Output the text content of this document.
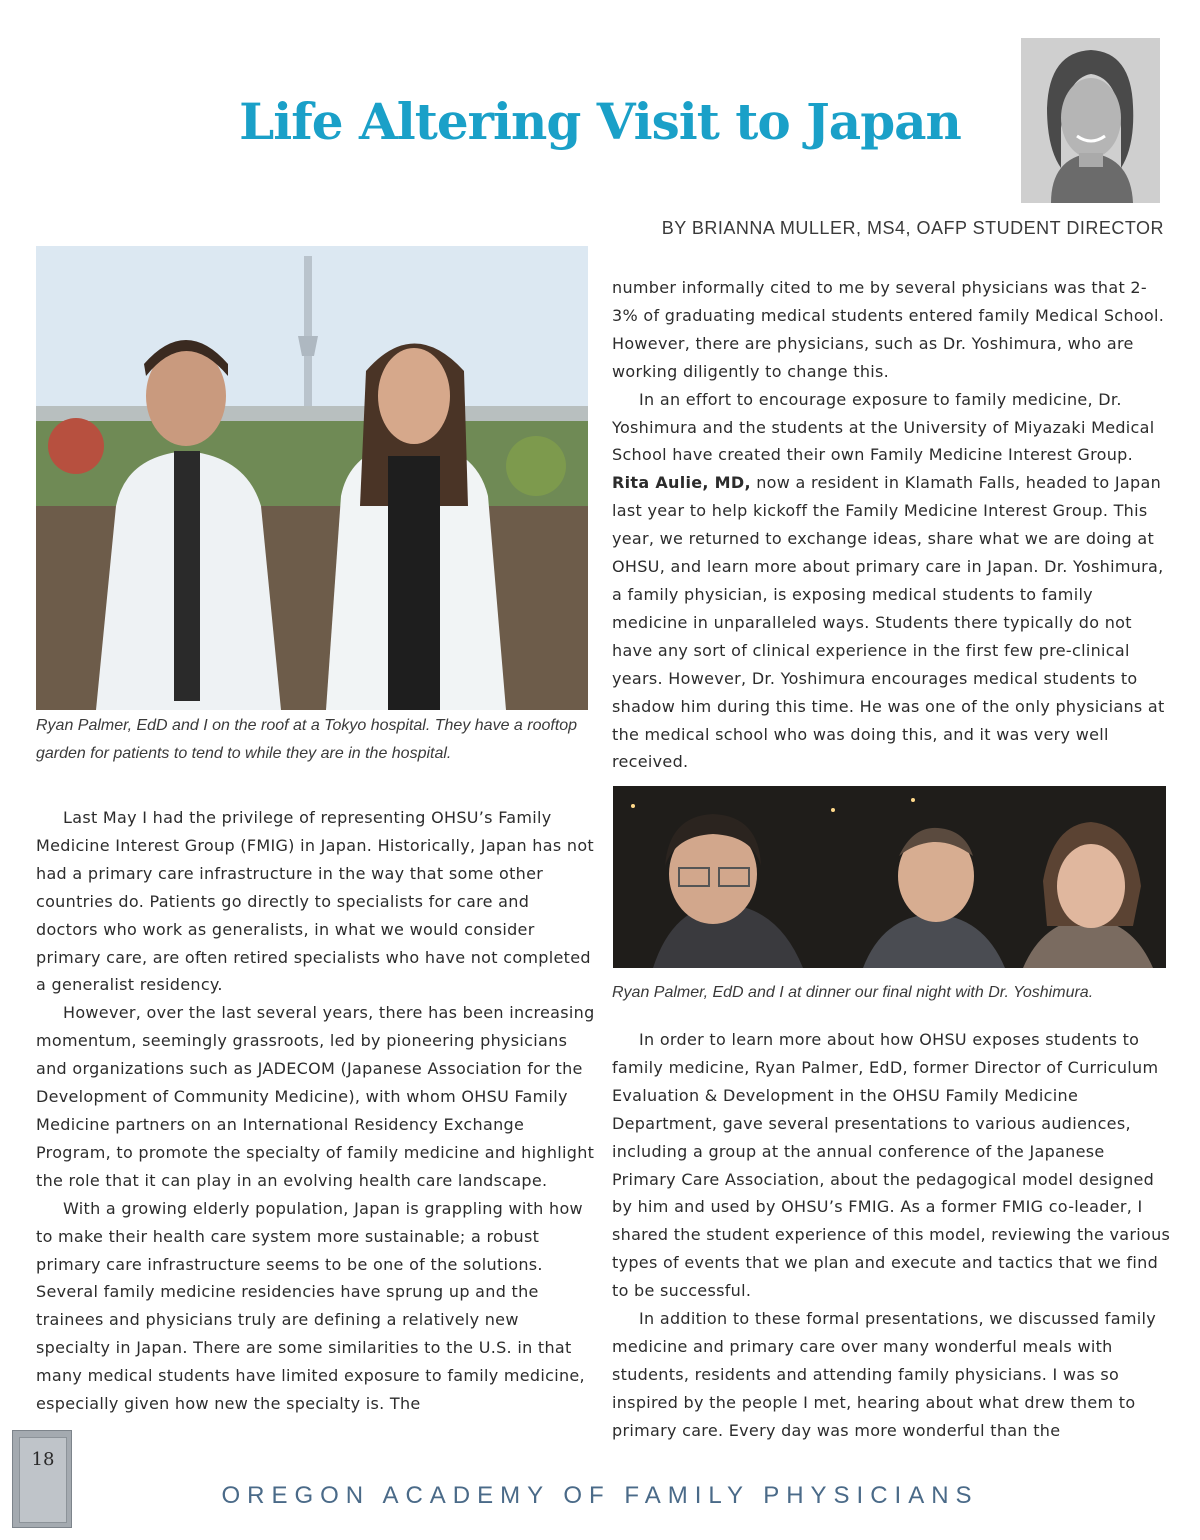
Life Altering Visit to Japan
BY BRIANNA MULLER, MS4, OAFP STUDENT DIRECTOR

Ryan Palmer, EdD and I on the roof at a Tokyo hospital. They have a rooftop garden for patients to tend to while they are in the hospital.

Last May I had the privilege of representing OHSU’s Family Medicine Interest Group (FMIG) in Japan. Historically, Japan has not had a primary care infrastructure in the way that some other countries do. Patients go directly to specialists for care and doctors who work as generalists, in what we would consider primary care, are often retired specialists who have not completed a generalist residency.

However, over the last several years, there has been increasing momentum, seemingly grassroots, led by pioneering physicians and organizations such as JADECOM (Japanese Association for the Development of Community Medicine), with whom OHSU Family Medicine partners on an International Residency Exchange Program, to promote the specialty of family medicine and highlight the role that it can play in an evolving health care landscape.

With a growing elderly population, Japan is grappling with how to make their health care system more sustainable; a robust primary care infrastructure seems to be one of the solutions. Several family medicine residencies have sprung up and the trainees and physicians truly are defining a relatively new specialty in Japan. There are some similarities to the U.S. in that many medical students have limited exposure to family medicine, especially given how new the specialty is. The

number informally cited to me by several physicians was that 2-3% of graduating medical students entered family Medical School. However, there are physicians, such as Dr. Yoshimura, who are working diligently to change this.

In an effort to encourage exposure to family medicine, Dr. Yoshimura and the students at the University of Miyazaki Medical School have created their own Family Medicine Interest Group. Rita Aulie, MD, now a resident in Klamath Falls, headed to Japan last year to help kickoff the Family Medicine Interest Group. This year, we returned to exchange ideas, share what we are doing at OHSU, and learn more about primary care in Japan. Dr. Yoshimura, a family physician, is exposing medical students to family medicine in unparalleled ways. Students there typically do not have any sort of clinical experience in the first few pre-clinical years. However, Dr. Yoshimura encourages medical students to shadow him during this time. He was one of the only physicians at the medical school who was doing this, and it was very well received.

Ryan Palmer, EdD and I at dinner our final night with Dr. Yoshimura.

In order to learn more about how OHSU exposes students to family medicine, Ryan Palmer, EdD, former Director of Curriculum Evaluation & Development in the OHSU Family Medicine Department, gave several presentations to various audiences, including a group at the annual conference of the Japanese Primary Care Association, about the pedagogical model designed by him and used by OHSU’s FMIG. As a former FMIG co-leader, I shared the student experience of this model, reviewing the various types of events that we plan and execute and tactics that we find to be successful.

In addition to these formal presentations, we discussed family medicine and primary care over many wonderful meals with students, residents and attending family physicians. I was so inspired by the people I met, hearing about what drew them to primary care. Every day was more wonderful than the

18
OREGON ACADEMY OF FAMILY PHYSICIANS
